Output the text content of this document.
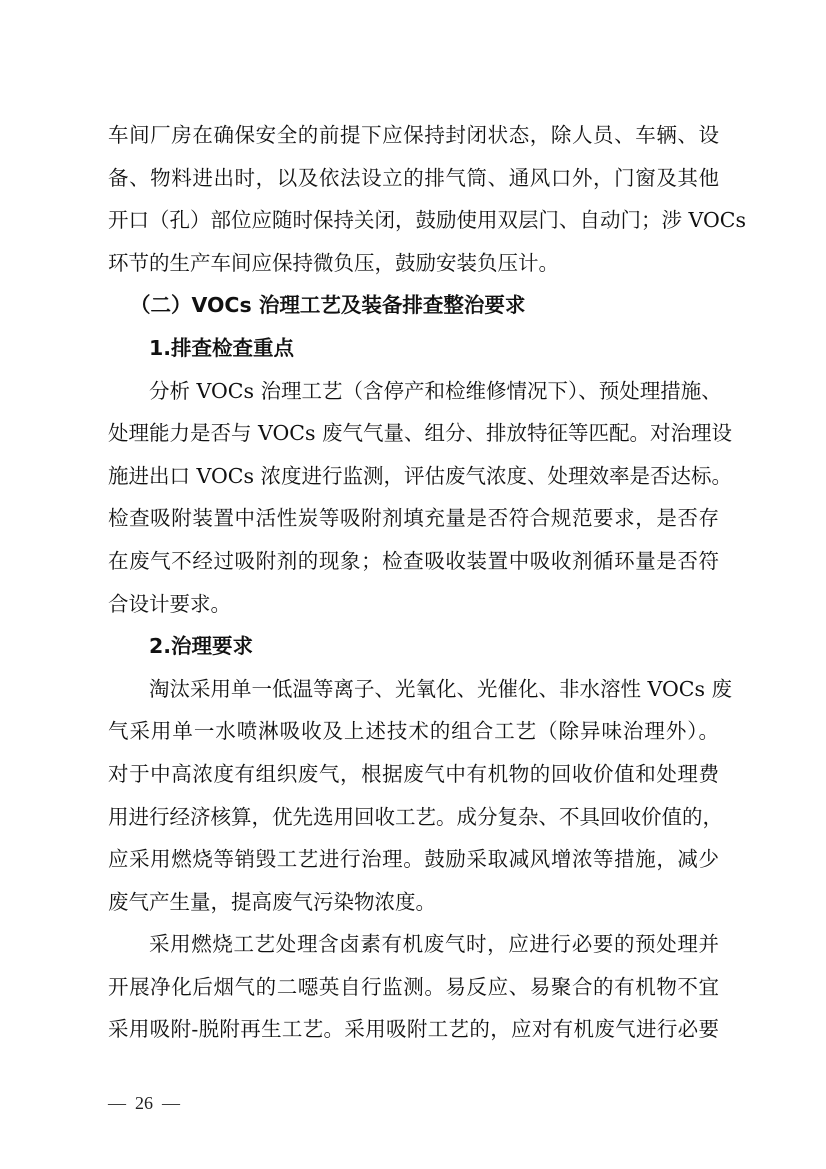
车间厂房在确保安全的前提下应保持封闭状态，除人员、车辆、设
备、物料进出时，以及依法设立的排气筒、通风口外，门窗及其他
开口（孔）部位应随时保持关闭，鼓励使用双层门、自动门；涉 VOCs
环节的生产车间应保持微负压，鼓励安装负压计。
（二）VOCs 治理工艺及装备排查整治要求
1.排查检查重点
分析 VOCs 治理工艺（含停产和检维修情况下）、预处理措施、
处理能力是否与 VOCs 废气气量、组分、排放特征等匹配。对治理设
施进出口 VOCs 浓度进行监测，评估废气浓度、处理效率是否达标。
检查吸附装置中活性炭等吸附剂填充量是否符合规范要求，是否存
在废气不经过吸附剂的现象；检查吸收装置中吸收剂循环量是否符
合设计要求。
2.治理要求
淘汰采用单一低温等离子、光氧化、光催化、非水溶性 VOCs 废
气采用单一水喷淋吸收及上述技术的组合工艺（除异味治理外）。
对于中高浓度有组织废气，根据废气中有机物的回收价值和处理费
用进行经济核算，优先选用回收工艺。成分复杂、不具回收价值的，
应采用燃烧等销毁工艺进行治理。鼓励采取减风增浓等措施，减少
废气产生量，提高废气污染物浓度。
采用燃烧工艺处理含卤素有机废气时，应进行必要的预处理并
开展净化后烟气的二噁英自行监测。易反应、易聚合的有机物不宜
采用吸附-脱附再生工艺。采用吸附工艺的，应对有机废气进行必要
—  26  —
